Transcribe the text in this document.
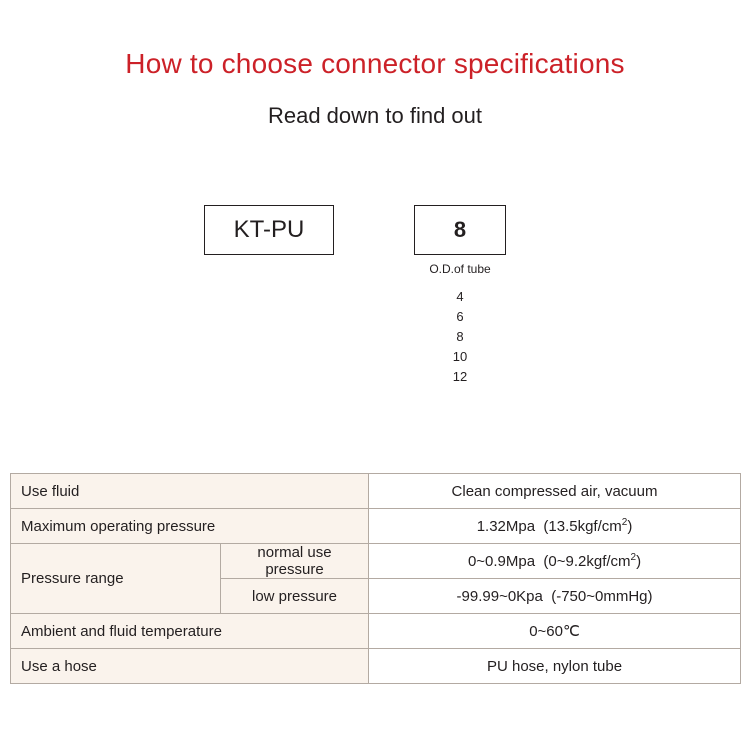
How to choose connector specifications
Read down to find out
KT-PU	8
O.D.of tube
4
6
8
10
12
Use fluid		Clean compressed air, vacuum
Maximum operating pressure		1.32Mpa  $(13.5kgf/cm^2)$
Pressure range	normal use pressure	0~0.9Mpa  $(0\sim 9.2kgf/cm^2)$
	low pressure	-99.99~0Kpa  (-750~0mmHg)
Ambient and fluid temperature		0~60℃
Use a hose		PU hose, nylon tube
